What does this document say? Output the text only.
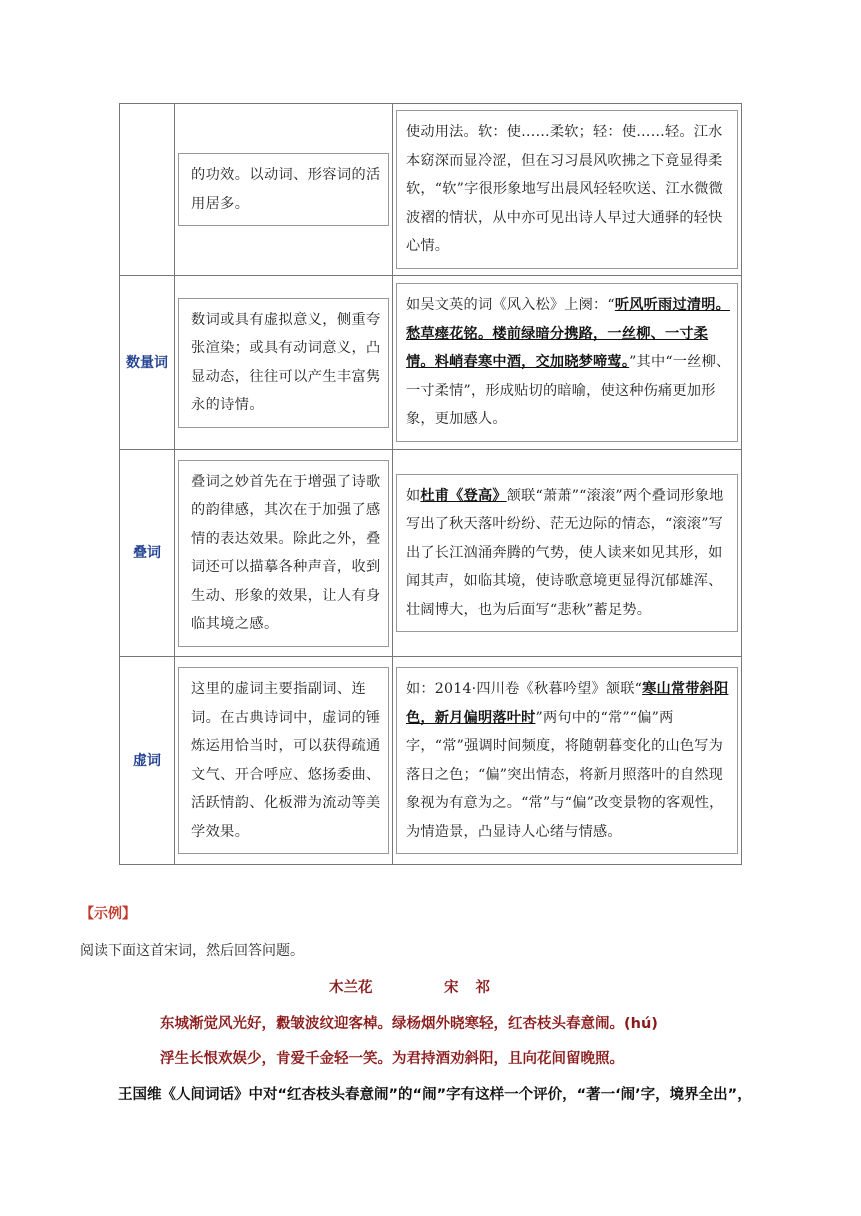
	的功效。以动词、形容词的活用居多。	使动用法。软：使……柔软；轻：使……轻。江水本窈深而显冷涩，但在习习晨风吹拂之下竟显得柔软，“软”字很形象地写出晨风轻轻吹送、江水微微波褶的情状，从中亦可见出诗人早过大通驿的轻快心情。

数量词	数词或具有虚拟意义，侧重夸张渲染；或具有动词意义，凸显动态，往往可以产生丰富隽永的诗情。	如吴文英的词《风入松》上阕：“听风听雨过清明。愁草瘗花铭。楼前绿暗分携路，一丝柳、一寸柔情。料峭春寒中酒，交加晓梦啼莺。”其中“一丝柳、一寸柔情”，形成贴切的暗喻，使这种伤痛更加形象，更加感人。

叠词	叠词之妙首先在于增强了诗歌的韵律感，其次在于加强了感情的表达效果。除此之外，叠词还可以描摹各种声音，收到生动、形象的效果，让人有身临其境之感。	如杜甫《登高》颔联“萧萧”“滚滚”两个叠词形象地写出了秋天落叶纷纷、茫无边际的情态，“滚滚”写出了长江汹涌奔腾的气势，使人读来如见其形，如闻其声，如临其境，使诗歌意境更显得沉郁雄浑、壮阔博大，也为后面写“悲秋”蓄足势。

虚词	这里的虚词主要指副词、连词。在古典诗词中，虚词的锤炼运用恰当时，可以获得疏通文气、开合呼应、悠扬委曲、活跃情韵、化板滞为流动等美学效果。	如：2014·四川卷《秋暮吟望》颔联“寒山常带斜阳色，新月偏明落叶时”两句中的“常”“偏”两字，“常”强调时间频度，将随朝暮变化的山色写为落日之色；“偏”突出情态，将新月照落叶的自然现象视为有意为之。“常”与“偏”改变景物的客观性，为情造景，凸显诗人心绪与情感。
【示例】
阅读下面这首宋词，然后回答问题。
木兰花	宋 祁
东城渐觉风光好，縠皱波纹迎客棹。绿杨烟外晓寒轻，红杏枝头春意闹。(hú)
浮生长恨欢娱少，肯爱千金轻一笑。为君持酒劝斜阳，且向花间留晚照。
王国维《人间词话》中对“红杏枝头春意闹”的“闹”字有这样一个评价，“著一‘闹’字，境界全出”，
